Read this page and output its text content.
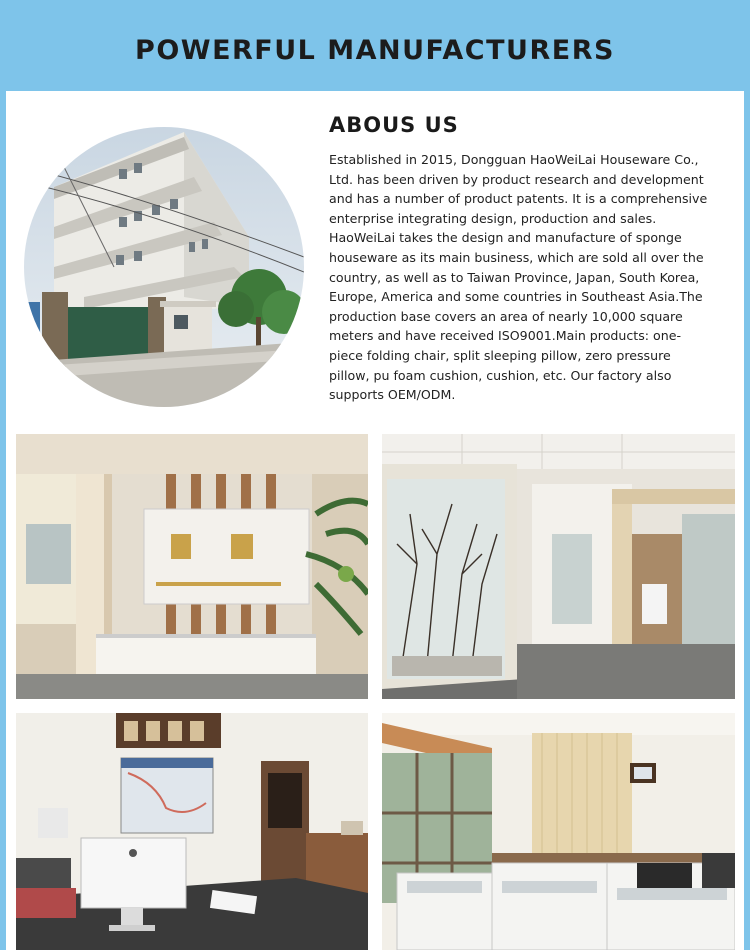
POWERFUL MANUFACTURERS
ABOUS US
Established in 2015, Dongguan HaoWeiLai Houseware Co.,
Ltd. has been driven by product research and development
and has a number of product patents. It is a comprehensive
enterprise integrating design, production and sales.
HaoWeiLai takes the design and manufacture of sponge
houseware as its main business, which are sold all over the
country, as well as to Taiwan Province, Japan, South Korea,
Europe, America and some countries in Southeast Asia.The
production base covers an area of nearly 10,000 square
meters and have received ISO9001.Main products: one-
piece folding chair, split sleeping pillow, zero pressure
pillow, pu foam cushion, cushion, etc. Our factory also
supports OEM/ODM.
